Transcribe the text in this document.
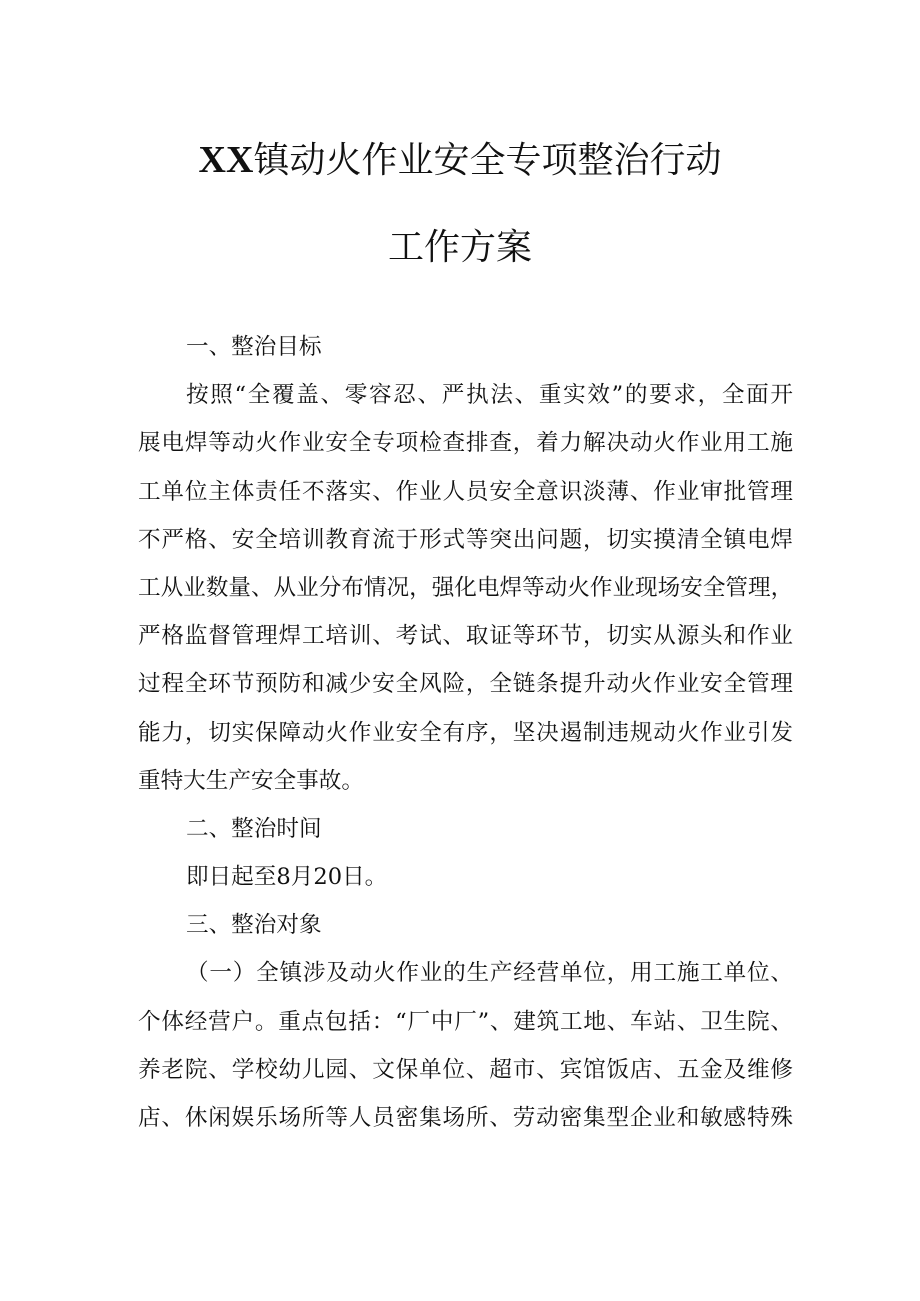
XX镇动火作业安全专项整治行动
工作方案
一、整治目标
按照“全覆盖、零容忍、严执法、重实效”的要求，全面开
展电焊等动火作业安全专项检查排查，着力解决动火作业用工施
工单位主体责任不落实、作业人员安全意识淡薄、作业审批管理
不严格、安全培训教育流于形式等突出问题，切实摸清全镇电焊
工从业数量、从业分布情况，强化电焊等动火作业现场安全管理，
严格监督管理焊工培训、考试、取证等环节，切实从源头和作业
过程全环节预防和减少安全风险，全链条提升动火作业安全管理
能力，切实保障动火作业安全有序，坚决遏制违规动火作业引发
重特大生产安全事故。
二、整治时间
即日起至8月20日。
三、整治对象
（一）全镇涉及动火作业的生产经营单位，用工施工单位、
个体经营户。重点包括：“厂中厂”、建筑工地、车站、卫生院、
养老院、学校幼儿园、文保单位、超市、宾馆饭店、五金及维修
店、休闲娱乐场所等人员密集场所、劳动密集型企业和敏感特殊
